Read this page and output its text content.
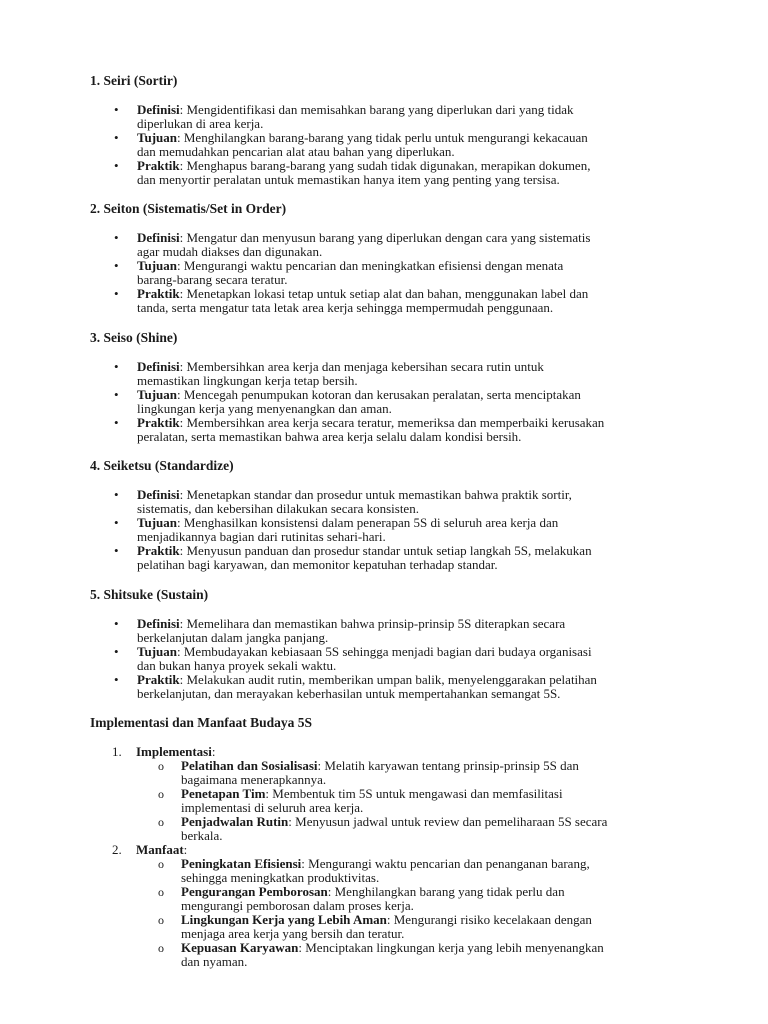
1. Seiri (Sortir)
• Definisi: Mengidentifikasi dan memisahkan barang yang diperlukan dari yang tidak
diperlukan di area kerja.
• Tujuan: Menghilangkan barang-barang yang tidak perlu untuk mengurangi kekacauan
dan memudahkan pencarian alat atau bahan yang diperlukan.
• Praktik: Menghapus barang-barang yang sudah tidak digunakan, merapikan dokumen,
dan menyortir peralatan untuk memastikan hanya item yang penting yang tersisa.
2. Seiton (Sistematis/Set in Order)
• Definisi: Mengatur dan menyusun barang yang diperlukan dengan cara yang sistematis
agar mudah diakses dan digunakan.
• Tujuan: Mengurangi waktu pencarian dan meningkatkan efisiensi dengan menata
barang-barang secara teratur.
• Praktik: Menetapkan lokasi tetap untuk setiap alat dan bahan, menggunakan label dan
tanda, serta mengatur tata letak area kerja sehingga mempermudah penggunaan.
3. Seiso (Shine)
• Definisi: Membersihkan area kerja dan menjaga kebersihan secara rutin untuk
memastikan lingkungan kerja tetap bersih.
• Tujuan: Mencegah penumpukan kotoran dan kerusakan peralatan, serta menciptakan
lingkungan kerja yang menyenangkan dan aman.
• Praktik: Membersihkan area kerja secara teratur, memeriksa dan memperbaiki kerusakan
peralatan, serta memastikan bahwa area kerja selalu dalam kondisi bersih.
4. Seiketsu (Standardize)
• Definisi: Menetapkan standar dan prosedur untuk memastikan bahwa praktik sortir,
sistematis, dan kebersihan dilakukan secara konsisten.
• Tujuan: Menghasilkan konsistensi dalam penerapan 5S di seluruh area kerja dan
menjadikannya bagian dari rutinitas sehari-hari.
• Praktik: Menyusun panduan dan prosedur standar untuk setiap langkah 5S, melakukan
pelatihan bagi karyawan, dan memonitor kepatuhan terhadap standar.
5. Shitsuke (Sustain)
• Definisi: Memelihara dan memastikan bahwa prinsip-prinsip 5S diterapkan secara
berkelanjutan dalam jangka panjang.
• Tujuan: Membudayakan kebiasaan 5S sehingga menjadi bagian dari budaya organisasi
dan bukan hanya proyek sekali waktu.
• Praktik: Melakukan audit rutin, memberikan umpan balik, menyelenggarakan pelatihan
berkelanjutan, dan merayakan keberhasilan untuk mempertahankan semangat 5S.
Implementasi dan Manfaat Budaya 5S
1. Implementasi:
o Pelatihan dan Sosialisasi: Melatih karyawan tentang prinsip-prinsip 5S dan
bagaimana menerapkannya.
o Penetapan Tim: Membentuk tim 5S untuk mengawasi dan memfasilitasi
implementasi di seluruh area kerja.
o Penjadwalan Rutin: Menyusun jadwal untuk review dan pemeliharaan 5S secara
berkala.
2. Manfaat:
o Peningkatan Efisiensi: Mengurangi waktu pencarian dan penanganan barang,
sehingga meningkatkan produktivitas.
o Pengurangan Pemborosan: Menghilangkan barang yang tidak perlu dan
mengurangi pemborosan dalam proses kerja.
o Lingkungan Kerja yang Lebih Aman: Mengurangi risiko kecelakaan dengan
menjaga area kerja yang bersih dan teratur.
o Kepuasan Karyawan: Menciptakan lingkungan kerja yang lebih menyenangkan
dan nyaman.
